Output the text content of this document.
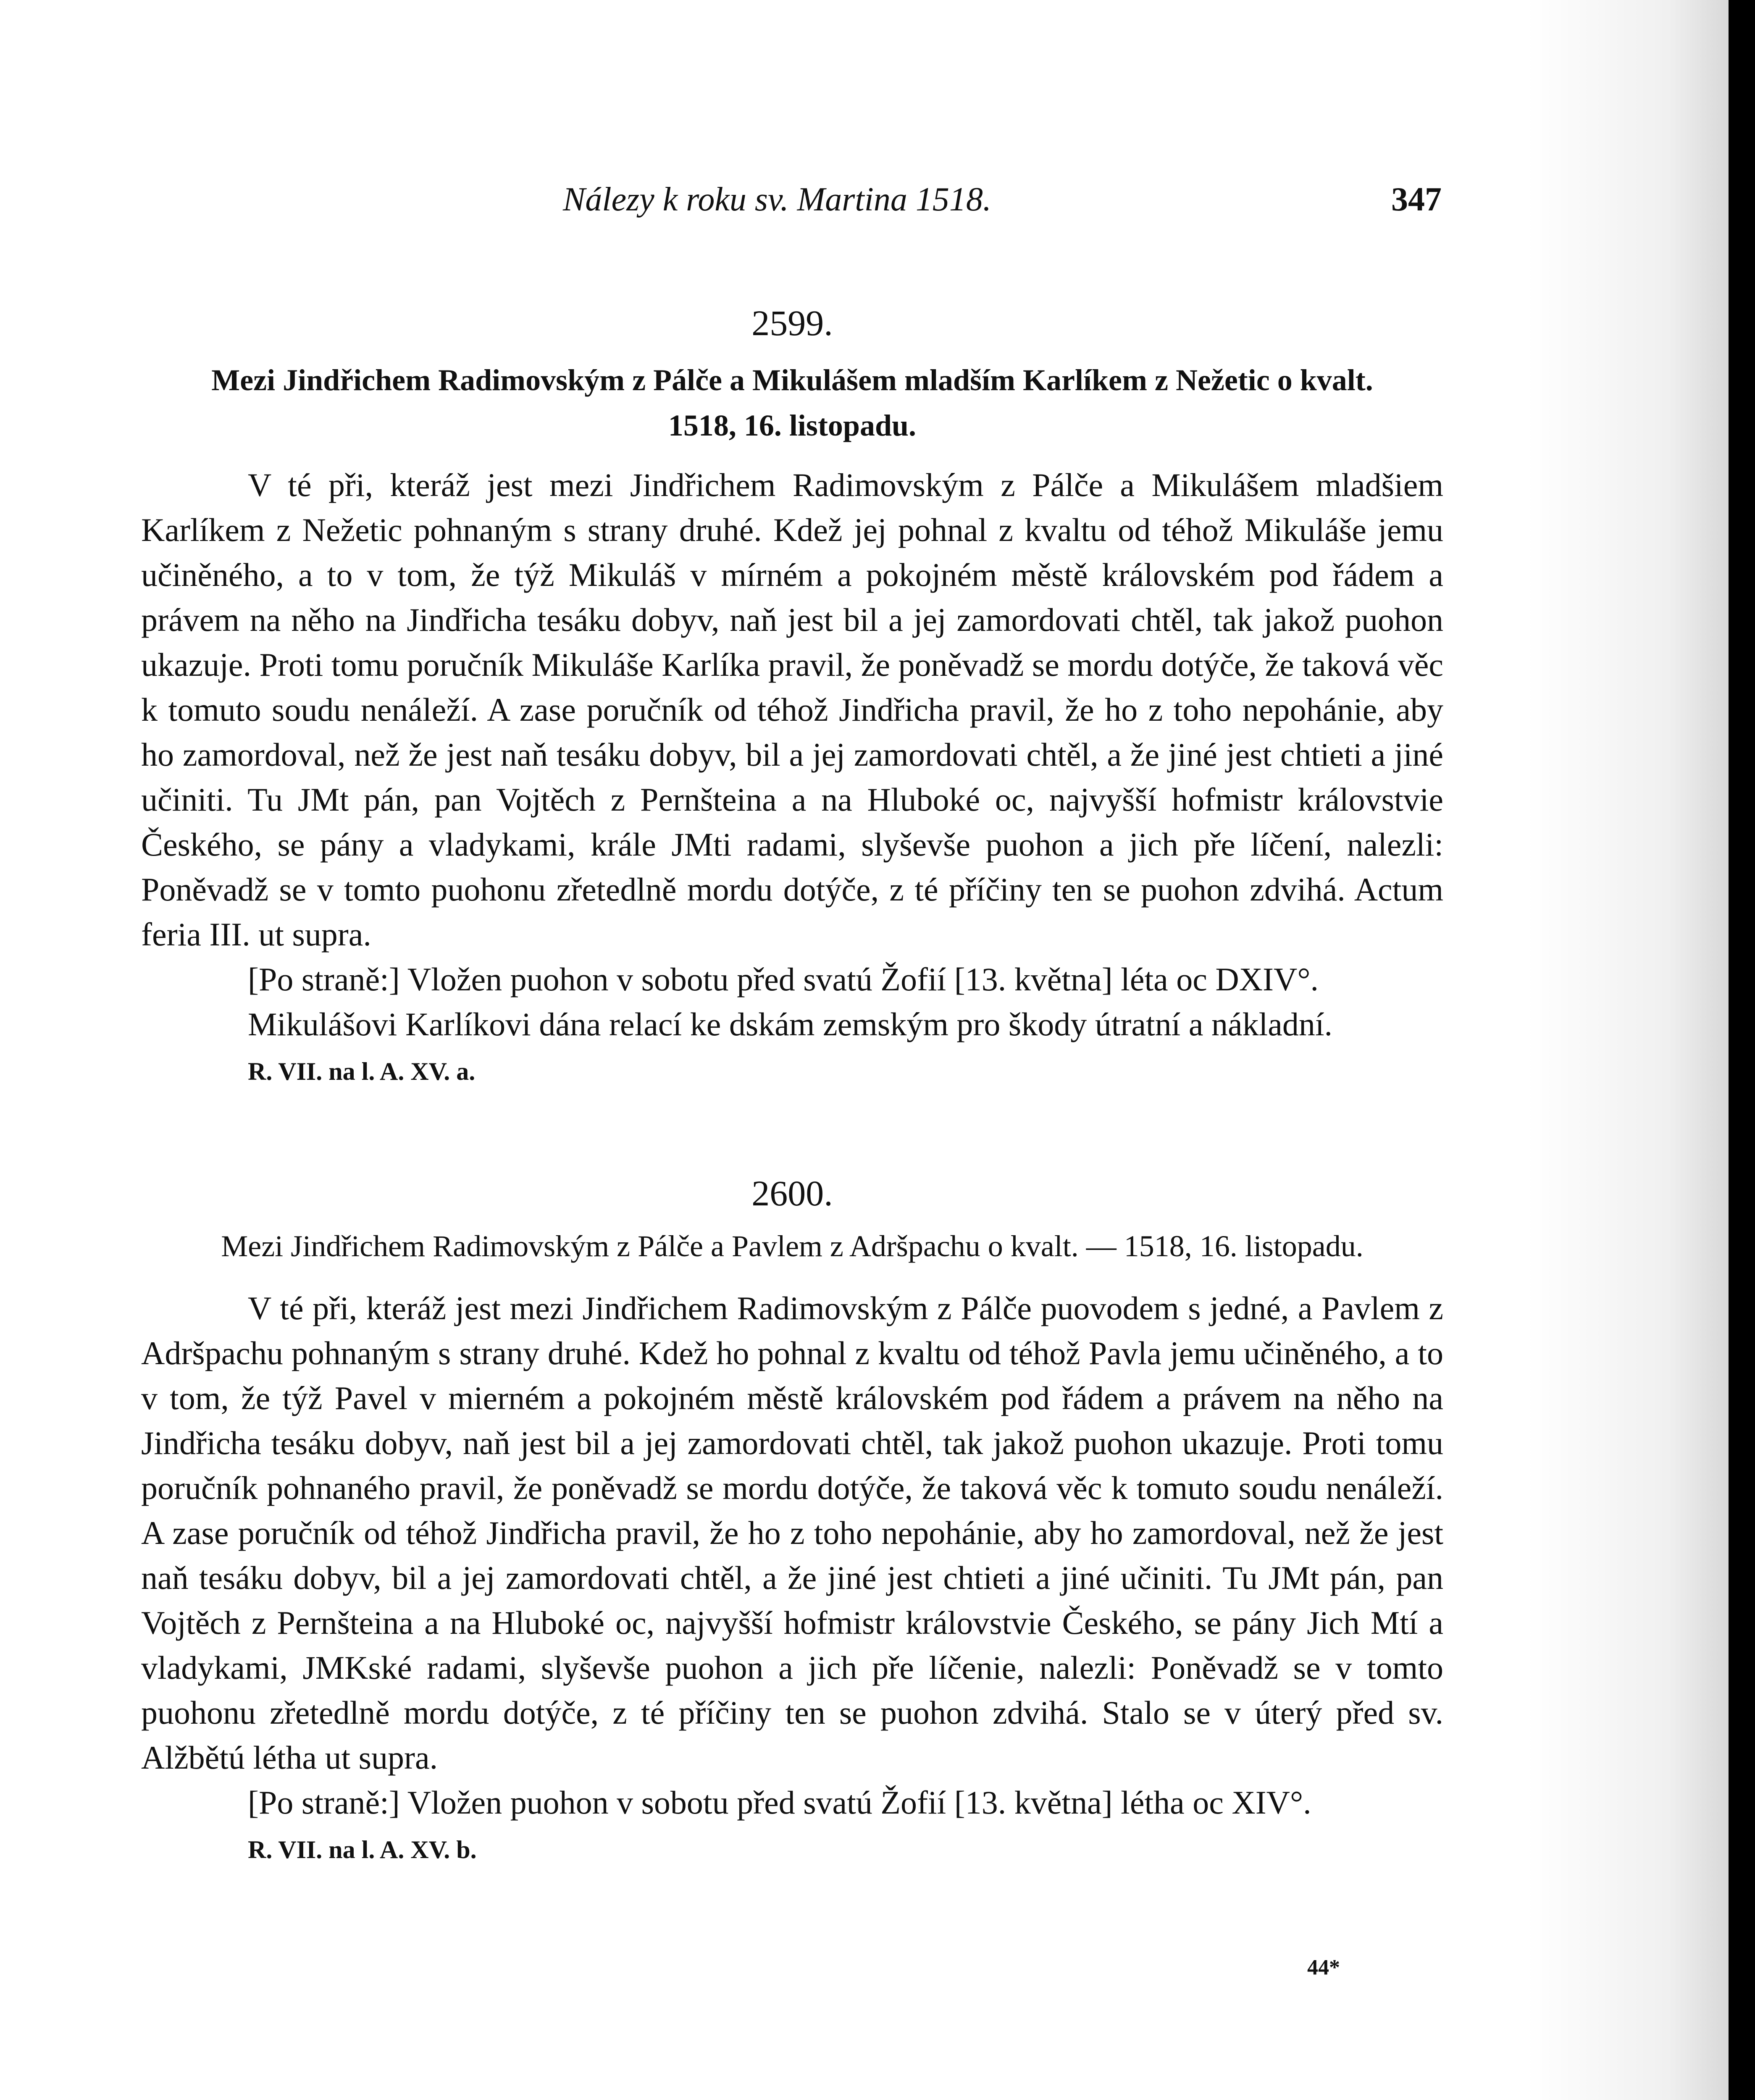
Nálezy k roku sv. Martina 1518.	347
2599.
Mezi Jindřichem Radimovským z Pálče a Mikulášem mladším Karlíkem z Nežetic o kvalt.
1518, 16. listopadu.

V té při, kteráž jest mezi Jindřichem Radimovským z Pálče a Mikulášem mladšiem Karlíkem z Nežetic pohnaným s strany druhé. Kdež jej pohnal z kvaltu od téhož Mikuláše jemu učiněného, a to v tom, že týž Mikuláš v mírném a pokojném městě královském pod řádem a právem na něho na Jindřicha tesáku dobyv, naň jest bil a jej zamordovati chtěl, tak jakož puohon ukazuje. Proti tomu poručník Mikuláše Karlíka pravil, že poněvadž se mordu dotýče, že taková věc k tomuto soudu nenáleží. A zase poručník od téhož Jindřicha pravil, že ho z toho nepohánie, aby ho zamordoval, než že jest naň tesáku dobyv, bil a jej zamordovati chtěl, a že jiné jest chtieti a jiné učiniti. Tu JMt pán, pan Vojtěch z Pernšteina a na Hluboké oc, najvyšší hofmistr královstvie Českého, se pány a vladykami, krále JMti radami, slyševše puohon a jich pře líčení, nalezli: Poněvadž se v tomto puohonu zřetedlně mordu dotýče, z té příčiny ten se puohon zdvihá. Actum feria III. ut supra.

[Po straně:] Vložen puohon v sobotu před svatú Žofií [13. května] léta oc DXIV°.

Mikulášovi Karlíkovi dána relací ke dskám zemským pro škody útratní a nákladní.

R. VII. na l. A. XV. a.
2600.
Mezi Jindřichem Radimovským z Pálče a Pavlem z Adršpachu o kvalt. — 1518, 16. listopadu.

V té při, kteráž jest mezi Jindřichem Radimovským z Pálče puovodem s jedné, a Pavlem z Adršpachu pohnaným s strany druhé. Kdež ho pohnal z kvaltu od téhož Pavla jemu učiněného, a to v tom, že týž Pavel v mierném a pokojném městě královském pod řádem a právem na něho na Jindřicha tesáku dobyv, naň jest bil a jej zamordovati chtěl, tak jakož puohon ukazuje. Proti tomu poručník pohnaného pravil, že poněvadž se mordu dotýče, že taková věc k tomuto soudu nenáleží. A zase poručník od téhož Jindřicha pravil, že ho z toho nepohánie, aby ho zamordoval, než že jest naň tesáku dobyv, bil a jej zamordovati chtěl, a že jiné jest chtieti a jiné učiniti. Tu JMt pán, pan Vojtěch z Pernšteina a na Hluboké oc, najvyšší hofmistr královstvie Českého, se pány Jich Mtí a vladykami, JMKské radami, slyševše puohon a jich pře líčenie, nalezli: Poněvadž se v tomto puohonu zřetedlně mordu dotýče, z té příčiny ten se puohon zdvihá. Stalo se v úterý před sv. Alžbětú létha ut supra.

[Po straně:] Vložen puohon v sobotu před svatú Žofií [13. května] létha oc XIV°.

R. VII. na l. A. XV. b.
44*
